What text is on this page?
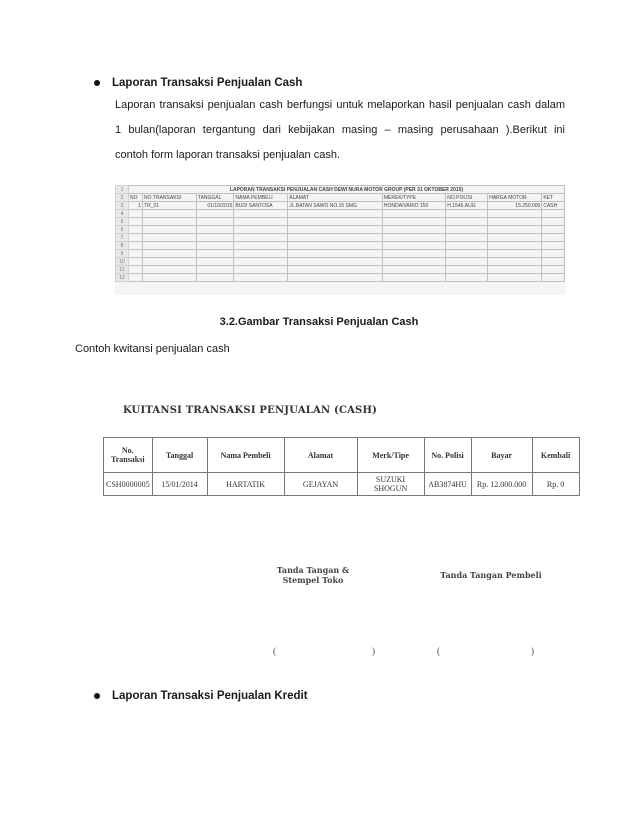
Laporan Transaksi Penjualan Cash
Laporan transaksi penjualan cash berfungsi untuk melaporkan hasil penjualan cash dalam
1 bulan(laporan tergantung dari kebijakan masing – masing perusahaan ).Berikut ini
contoh form laporan transaksi penjualan cash.
1	LAPORAN TRANSAKSI PENJUALAN CASH DEWI NURA MOTOR GROUP (PER 31 OKTOBER 2015)								
2	NO	NO.TRANSAKSI	TANGGAL	NAMA PEMBELI	ALAMAT	MEREK/TYPE	NO.POLISI	HARGA MOTOR	KET
3	1	TR_01	01/10/2015	BUDI SANTOSA	JL.BATAN SAWO NO.15 SMG	HONDA/VARIO 150	H.1546.AUG	15.250.000	CASH
4									
5									
6									
7									
8									
9									
10									
11									
12									
3.2.Gambar Transaksi Penjualan Cash
Contoh kwitansi penjualan cash
KUITANSI TRANSAKSI PENJUALAN (CASH)
No. Transaksi	Tanggal	Nama Pembeli	Alamat	Merk/Tipe	No. Polisi	Bayar	Kembali
CSH0000005	15/01/2014	HARTATIK	GEJAYAN	SUZUKI SHOGUN	AB3874HU	Rp. 12.000.000	Rp. 0
Tanda Tangan & Stempel Toko	Tanda Tangan Pembeli
(	)	(	)
Laporan Transaksi Penjualan Kredit
